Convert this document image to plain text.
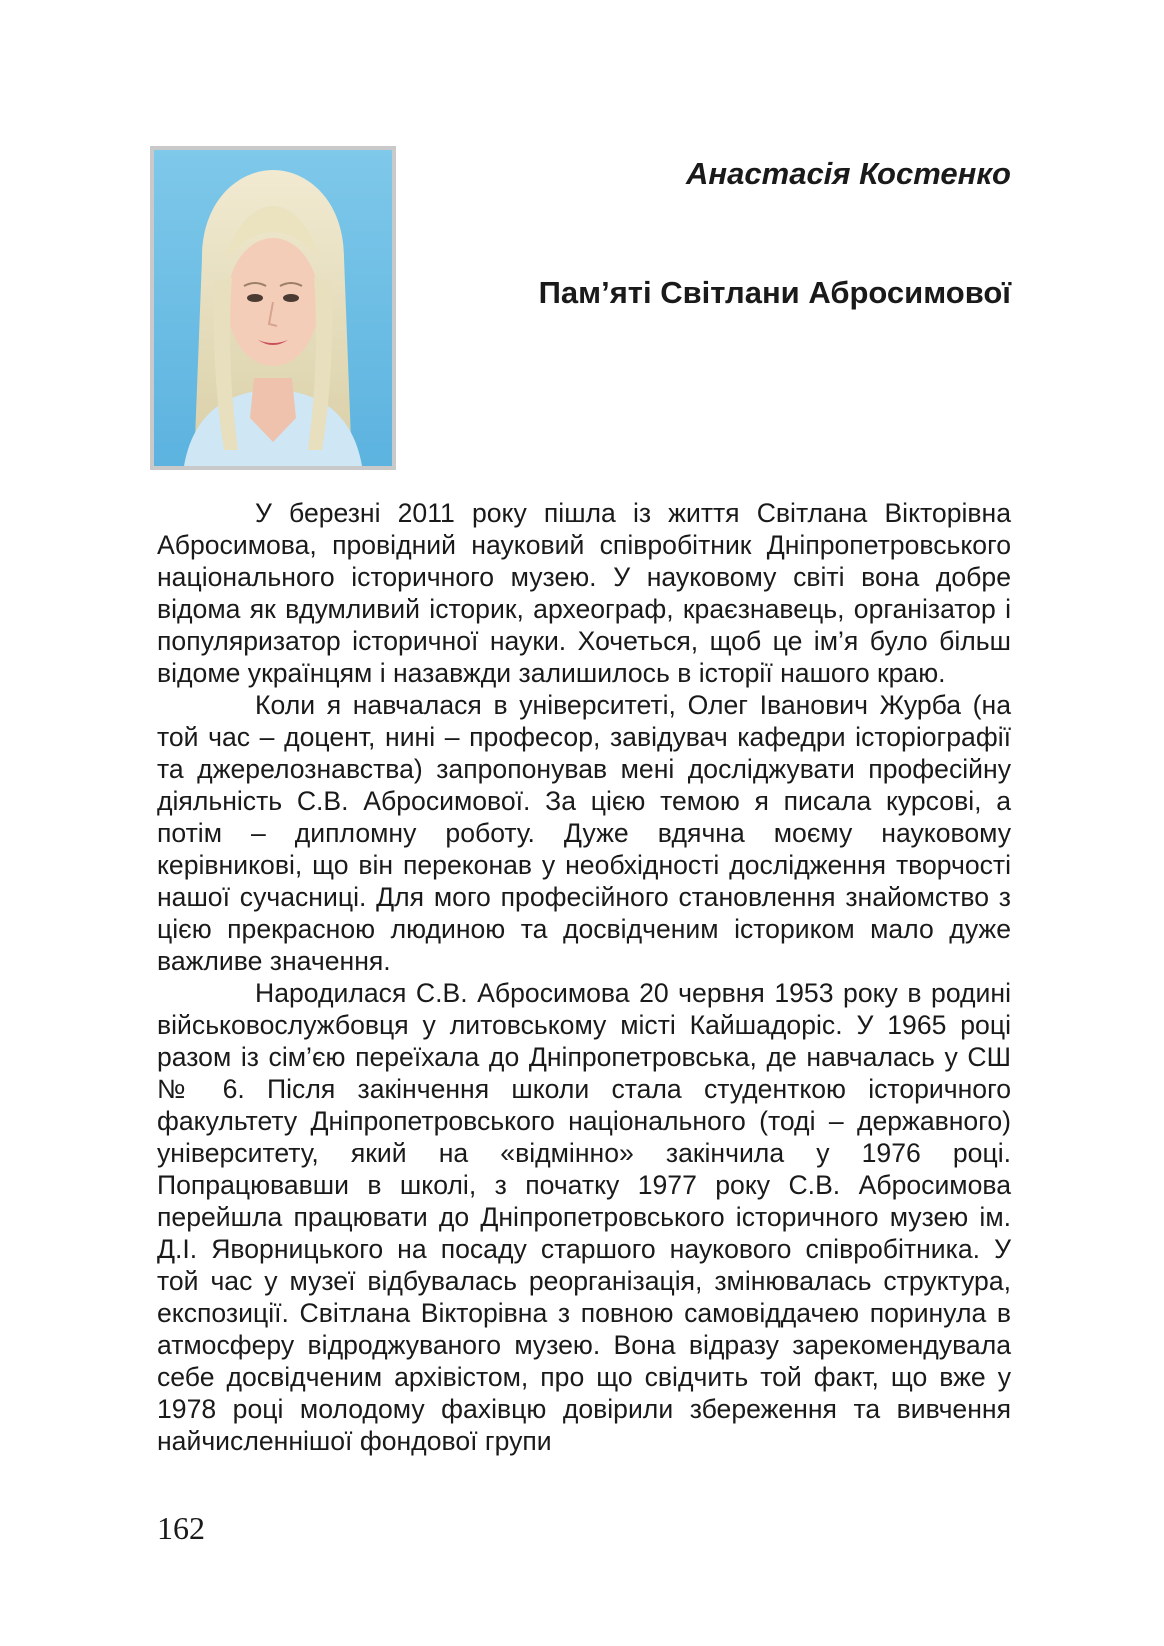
Анастасія Костенко
Пам’яті Світлани Абросимової

У березні 2011 року пішла із життя Світлана Вікторівна Абросимова, провідний науковий співробітник Дніпропетровського національного історичного музею. У науковому світі вона добре відома як вдумливий історик, археограф, краєзнавець, організатор і популяризатор історичної науки. Хочеться, щоб це ім’я було більш відоме українцям і назавжди залишилось в історії нашого краю.

Коли я навчалася в університеті, Олег Іванович Журба (на той час – доцент, нині – професор, завідувач кафедри історіографії та джерелознавства) запропонував мені досліджувати професійну діяльність С.В. Абросимової. За цією темою я писала курсові, а потім – дипломну роботу. Дуже вдячна моєму науковому керівникові, що він переконав у необхідності дослідження творчості нашої сучасниці. Для мого професійного становлення знайомство з цією прекрасною людиною та досвідченим істориком мало дуже важливе значення.

Народилася С.В. Абросимова 20 червня 1953 року в родині військовослужбовця у литовському місті Кайшадоріс. У 1965 році разом із сім’єю переїхала до Дніпропетровська, де навчалась у СШ № 6. Після закінчення школи стала студенткою історичного факультету Дніпропетровського національного (тоді – державного) університету, який на «відмінно» закінчила у 1976 році. Попрацювавши в школі, з початку 1977 року С.В. Абросимова перейшла працювати до Дніпропетровського історичного музею ім. Д.І. Яворницького на посаду старшого наукового співробітника. У той час у музеї відбувалась реорганізація, змінювалась структура, експозиції. Світлана Вікторівна з повною самовіддачею поринула в атмосферу відроджуваного музею. Вона відразу зарекомендувала себе досвідченим архівістом, про що свідчить той факт, що вже у 1978 році молодому фахівцю довірили збереження та вивчення найчисленнішої фондової групи

162
